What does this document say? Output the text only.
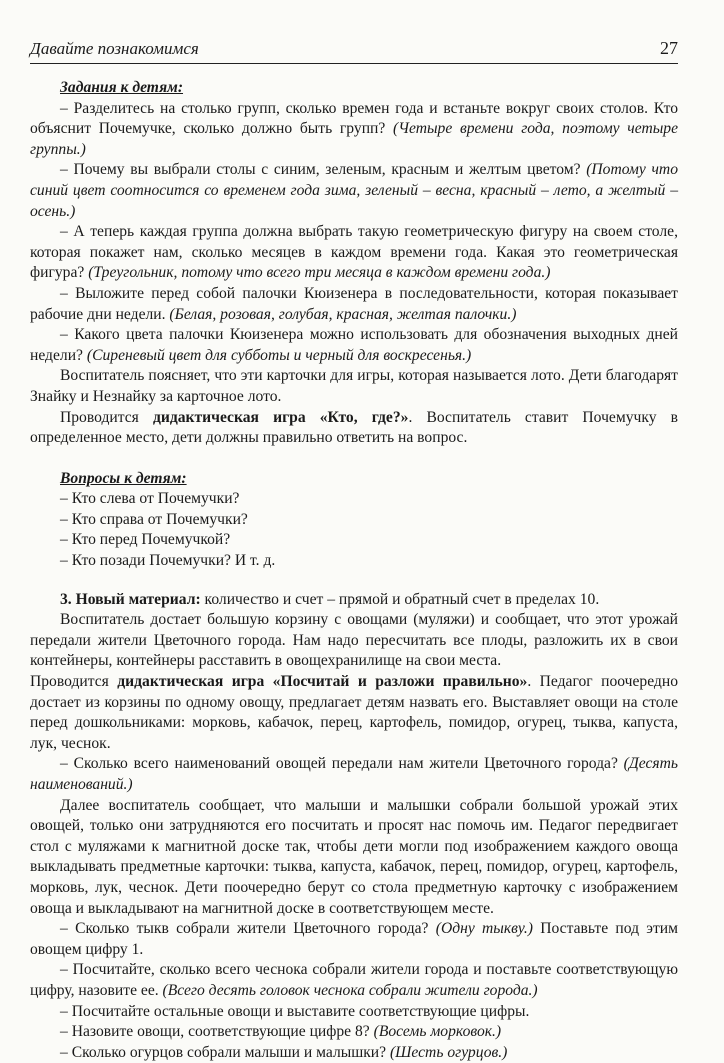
Давайте познакомимся	27

Задания к детям:

– Разделитесь на столько групп, сколько времен года и встаньте вокруг своих столов. Кто объяснит Почемучке, сколько должно быть групп? (Четыре времени года, поэтому четыре группы.)

– Почему вы выбрали столы с синим, зеленым, красным и желтым цветом? (Потому что синий цвет соотносится со временем года зима, зеленый – весна, красный – лето, а желтый – осень.)

– А теперь каждая группа должна выбрать такую геометрическую фигуру на своем столе, которая покажет нам, сколько месяцев в каждом времени года. Какая это геометрическая фигура? (Треугольник, потому что всего три месяца в каждом времени года.)

– Выложите перед собой палочки Кюизенера в последовательности, которая показывает рабочие дни недели. (Белая, розовая, голубая, красная, желтая палочки.)

– Какого цвета палочки Кюизенера можно использовать для обозначения выходных дней недели? (Сиреневый цвет для субботы и черный для воскресенья.)

Воспитатель поясняет, что эти карточки для игры, которая называется лото. Дети благодарят Знайку и Незнайку за карточное лото.

Проводится дидактическая игра «Кто, где?». Воспитатель ставит Почемучку в определенное место, дети должны правильно ответить на вопрос.

Вопросы к детям:

– Кто слева от Почемучки?

– Кто справа от Почемучки?

– Кто перед Почемучкой?

– Кто позади Почемучки? И т. д.

3. Новый материал: количество и счет – прямой и обратный счет в пределах 10.

Воспитатель достает большую корзину с овощами (муляжи) и сообщает, что этот урожай передали жители Цветочного города. Нам надо пересчитать все плоды, разложить их в свои контейнеры, контейнеры расставить в овощехранилище на свои места.

Проводится дидактическая игра «Посчитай и разложи правильно». Педагог поочередно достает из корзины по одному овощу, предлагает детям назвать его. Выставляет овощи на столе перед дошкольниками: морковь, кабачок, перец, картофель, помидор, огурец, тыква, капуста, лук, чеснок.

– Сколько всего наименований овощей передали нам жители Цветочного города? (Десять наименований.)

Далее воспитатель сообщает, что малыши и малышки собрали большой урожай этих овощей, только они затрудняются его посчитать и просят нас помочь им. Педагог передвигает стол с муляжами к магнитной доске так, чтобы дети могли под изображением каждого овоща выкладывать предметные карточки: тыква, капуста, кабачок, перец, помидор, огурец, картофель, морковь, лук, чеснок. Дети поочередно берут со стола предметную карточку с изображением овоща и выкладывают на магнитной доске в соответствующем месте.

– Сколько тыкв собрали жители Цветочного города? (Одну тыкву.) Поставьте под этим овощем цифру 1.

– Посчитайте, сколько всего чеснока собрали жители города и поставьте соответствующую цифру, назовите ее. (Всего десять головок чеснока собрали жители города.)

– Посчитайте остальные овощи и выставите соответствующие цифры.

– Назовите овощи, соответствующие цифре 8? (Восемь морковок.)

– Сколько огурцов собрали малыши и малышки? (Шесть огурцов.)
